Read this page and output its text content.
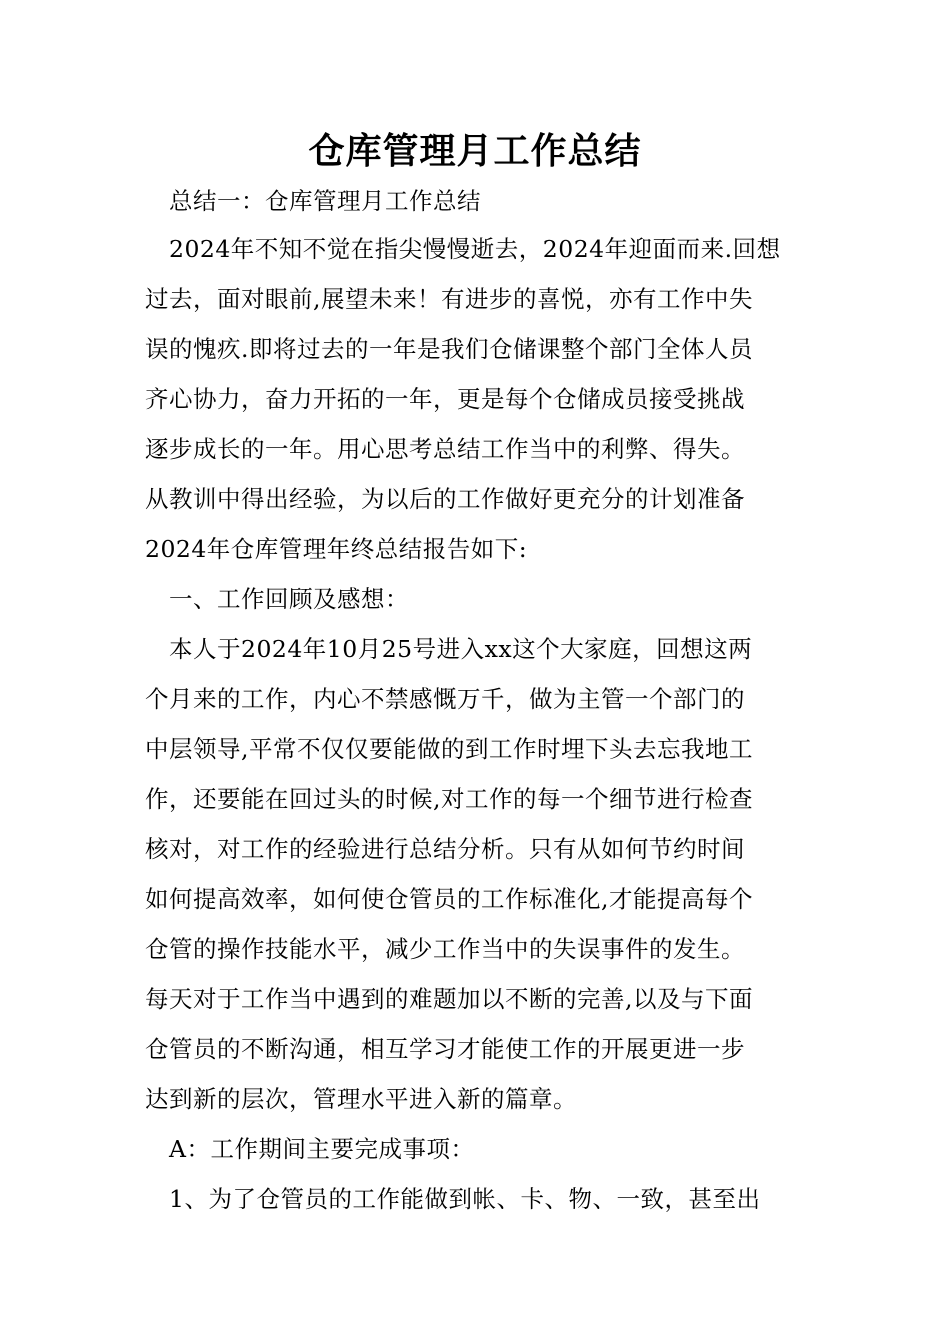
仓库管理月工作总结
　总结一：仓库管理月工作总结
　2024年不知不觉在指尖慢慢逝去，2024年迎面而来.回想
过去，面对眼前,展望未来！有进步的喜悦，亦有工作中失
误的愧疚.即将过去的一年是我们仓储课整个部门全体人员
齐心协力，奋力开拓的一年，更是每个仓储成员接受挑战
逐步成长的一年。用心思考总结工作当中的利弊、得失。
从教训中得出经验，为以后的工作做好更充分的计划准备
2024年仓库管理年终总结报告如下:
　一、工作回顾及感想：
　本人于2024年10月25号进入xx这个大家庭，回想这两
个月来的工作，内心不禁感慨万千，做为主管一个部门的
中层领导,平常不仅仅要能做的到工作时埋下头去忘我地工
作，还要能在回过头的时候,对工作的每一个细节进行检查
核对，对工作的经验进行总结分析。只有从如何节约时间
如何提高效率，如何使仓管员的工作标准化,才能提高每个
仓管的操作技能水平，减少工作当中的失误事件的发生。
每天对于工作当中遇到的难题加以不断的完善,以及与下面
仓管员的不断沟通，相互学习才能使工作的开展更进一步
达到新的层次，管理水平进入新的篇章。
　A：工作期间主要完成事项：
　1、为了仓管员的工作能做到帐、卡、物、一致，甚至出
